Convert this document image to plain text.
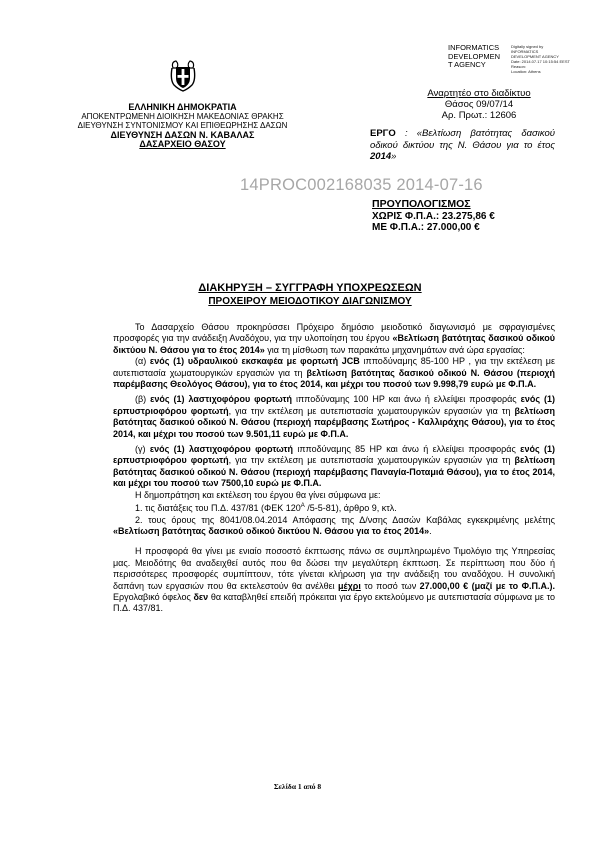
INFORMATICS
DEVELOPMEN
T AGENCY
Digitally signed by
INFORMATICS
DEVELOPMENT AGENCY
Date: 2014.07.17 10:15:54 EEST
Reason:
Location: Athens
ΕΛΛΗΝΙΚΗ ΔΗΜΟΚΡΑΤΙΑ
ΑΠΟΚΕΝΤΡΩΜΕΝΗ ΔΙΟΙΚΗΣΗ ΜΑΚΕΔΟΝΙΑΣ ΘΡΑΚΗΣ
ΔΙΕΥΘΥΝΣΗ ΣΥΝΤΟΝΙΣΜΟΥ ΚΑΙ ΕΠΙΘΕΩΡΗΣΗΣ ΔΑΣΩΝ
ΔΙΕΥΘΥΝΣΗ ΔΑΣΩΝ Ν. ΚΑΒΑΛΑΣ
ΔΑΣΑΡΧΕΙΟ ΘΑΣΟΥ
Αναρτητέο στο διαδίκτυο
Θάσος 09/07/14
Αρ. Πρωτ.: 12606
ΕΡΓΟ : «Βελτίωση βατότητας δασικού οδικού δικτύου της Ν. Θάσου για το έτος 2014»
14PROC002168035 2014-07-16
ΠΡΟΥΠΟΛΟΓΙΣΜΟΣ
ΧΩΡΙΣ Φ.Π.Α.: 23.275,86 €
ΜΕ Φ.Π.Α.: 27.000,00 €
ΔΙΑΚΗΡΥΞΗ – ΣΥΓΓΡΑΦΗ ΥΠΟΧΡΕΩΣΕΩΝ
ΠΡΟΧΕΙΡΟΥ ΜΕΙΟΔΟΤΙΚΟΥ ΔΙΑΓΩΝΙΣΜΟΥ

Το Δασαρχείο Θάσου προκηρύσσει Πρόχειρο δημόσιο μειοδοτικό διαγωνισμό με σφραγισμένες προσφορές για την ανάδειξη Αναδόχου, για την υλοποίηση του έργου «Βελτίωση βατότητας δασικού οδικού δικτύου Ν. Θάσου για το έτος 2014» για τη μίσθωση των παρακάτω μηχανημάτων ανά ώρα εργασίας:

(α) ενός (1) υδραυλικού εκσκαφέα με φορτωτή JCB ιπποδύναμης 85-100 HP , για την εκτέλεση με αυτεπιστασία χωματουργικών εργασιών για τη βελτίωση βατότητας δασικού οδικού Ν. Θάσου (περιοχή παρέμβασης Θεολόγος Θάσου), για το έτος 2014, και μέχρι του ποσού των 9.998,79 ευρώ με Φ.Π.Α.

(β) ενός (1) λαστιχοφόρου φορτωτή ιπποδύναμης 100 HP και άνω ή ελλείψει προσφοράς ενός (1) ερπυστριοφόρου φορτωτή, για την εκτέλεση με αυτεπιστασία χωματουργικών εργασιών για τη βελτίωση βατότητας δασικού οδικού Ν. Θάσου (περιοχή παρέμβασης Σωτήρος - Καλλιράχης Θάσου), για το έτος 2014, και μέχρι του ποσού των 9.501,11 ευρώ με Φ.Π.Α.

(γ) ενός (1) λαστιχοφόρου φορτωτή ιπποδύναμης 85 HP και άνω ή ελλείψει προσφοράς ενός (1) ερπυστριοφόρου φορτωτή, για την εκτέλεση με αυτεπιστασία χωματουργικών εργασιών για τη βελτίωση βατότητας δασικού οδικού Ν. Θάσου (περιοχή παρέμβασης Παναγία-Ποταμιά Θάσου), για το έτος 2014, και μέχρι του ποσού των 7500,10 ευρώ με Φ.Π.Α.

Η δημοπράτηση και εκτέλεση του έργου θα γίνει σύμφωνα με:

1. τις διατάξεις του Π.Δ. 437/81 (ΦΕΚ $120^A$ /5-5-81), άρθρο 9, κτλ.

2. τους όρους της 8041/08.04.2014 Απόφασης της Δ/νσης Δασών Καβάλας εγκεκριμένης μελέτης «Βελτίωση βατότητας δασικού οδικού δικτύου Ν. Θάσου για το έτος 2014».

Η προσφορά θα γίνει με ενιαίο ποσοστό έκπτωσης πάνω σε συμπληρωμένο Τιμολόγιο της Υπηρεσίας μας. Μειοδότης θα αναδειχθεί αυτός που θα δώσει την μεγαλύτερη έκπτωση. Σε περίπτωση που δύο ή περισσότερες προσφορές συμπίπτουν, τότε γίνεται κλήρωση για την ανάδειξη του αναδόχου. Η συνολική δαπάνη των εργασιών που θα εκτελεστούν θα ανέλθει μέχρι το ποσό των 27.000,00 € (μαζί με το Φ.Π.Α.). Εργολαβικό όφελος δεν θα καταβληθεί επειδή πρόκειται για έργο εκτελούμενο με αυτεπιστασία σύμφωνα με το Π.Δ. 437/81.

Σελίδα 1 από 8
